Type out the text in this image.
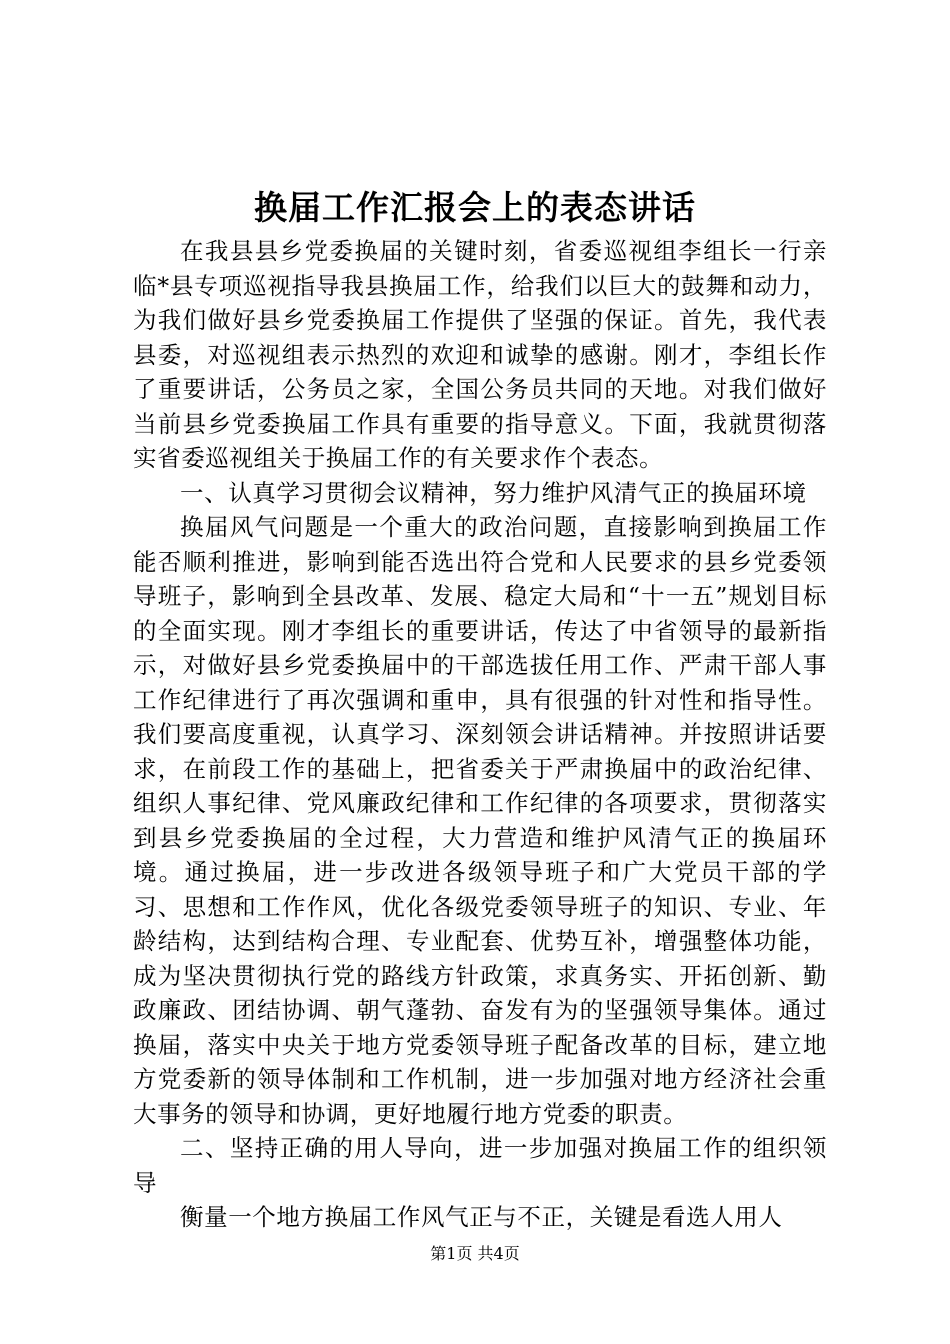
换届工作汇报会上的表态讲话

在我县县乡党委换届的关键时刻，省委巡视组李组长一行亲临*县专项巡视指导我县换届工作，给我们以巨大的鼓舞和动力，为我们做好县乡党委换届工作提供了坚强的保证。首先，我代表县委，对巡视组表示热烈的欢迎和诚挚的感谢。刚才，李组长作了重要讲话，公务员之家，全国公务员共同的天地。对我们做好当前县乡党委换届工作具有重要的指导意义。下面，我就贯彻落实省委巡视组关于换届工作的有关要求作个表态。

一、认真学习贯彻会议精神，努力维护风清气正的换届环境

换届风气问题是一个重大的政治问题，直接影响到换届工作能否顺利推进，影响到能否选出符合党和人民要求的县乡党委领导班子，影响到全县改革、发展、稳定大局和“十一五”规划目标的全面实现。刚才李组长的重要讲话，传达了中省领导的最新指示，对做好县乡党委换届中的干部选拔任用工作、严肃干部人事工作纪律进行了再次强调和重申，具有很强的针对性和指导性。我们要高度重视，认真学习、深刻领会讲话精神。并按照讲话要求，在前段工作的基础上，把省委关于严肃换届中的政治纪律、组织人事纪律、党风廉政纪律和工作纪律的各项要求，贯彻落实到县乡党委换届的全过程，大力营造和维护风清气正的换届环境。通过换届，进一步改进各级领导班子和广大党员干部的学习、思想和工作作风，优化各级党委领导班子的知识、专业、年龄结构，达到结构合理、专业配套、优势互补，增强整体功能，成为坚决贯彻执行党的路线方针政策，求真务实、开拓创新、勤政廉政、团结协调、朝气蓬勃、奋发有为的坚强领导集体。通过换届，落实中央关于地方党委领导班子配备改革的目标，建立地方党委新的领导体制和工作机制，进一步加强对地方经济社会重大事务的领导和协调，更好地履行地方党委的职责。

二、坚持正确的用人导向，进一步加强对换届工作的组织领导

衡量一个地方换届工作风气正与不正，关键是看选人用人

第1页 共4页
